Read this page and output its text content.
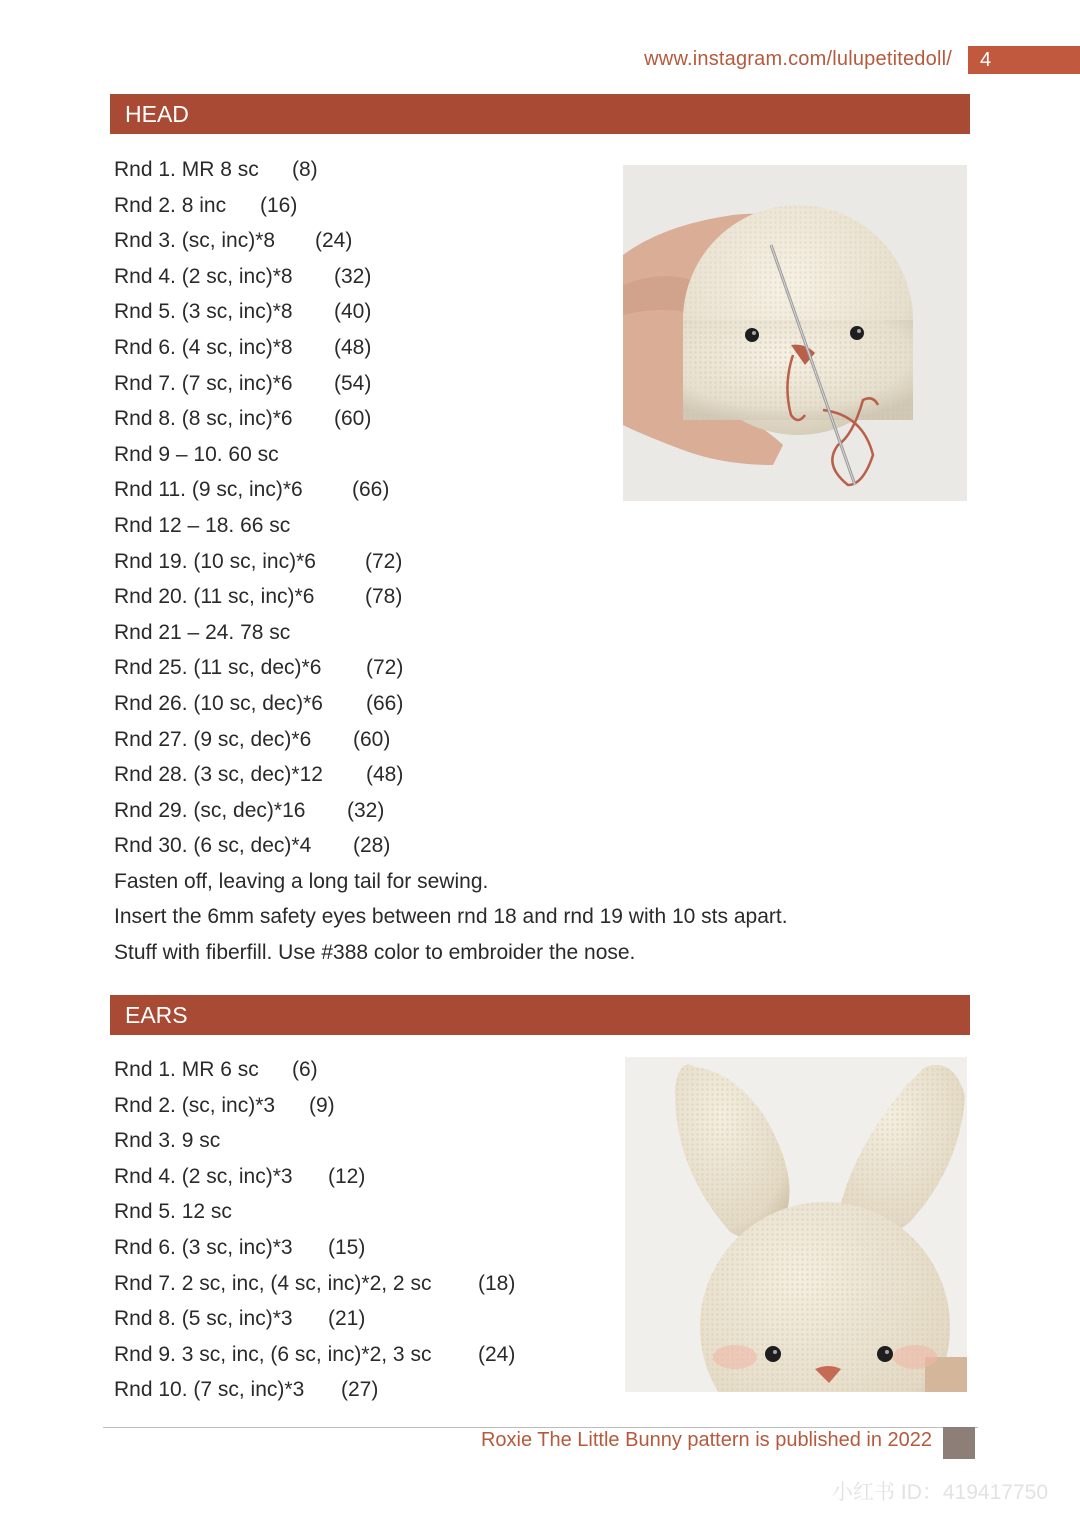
www.instagram.com/lulupetitedoll/	4
HEAD
Rnd 1. MR 8 sc (8)
Rnd 2. 8 inc (16)
Rnd 3. (sc, inc)*8 (24)
Rnd 4. (2 sc, inc)*8 (32)
Rnd 5. (3 sc, inc)*8 (40)
Rnd 6. (4 sc, inc)*8 (48)
Rnd 7. (7 sc, inc)*6 (54)
Rnd 8. (8 sc, inc)*6 (60)
Rnd 9 – 10. 60 sc
Rnd 11. (9 sc, inc)*6 (66)
Rnd 12 – 18. 66 sc
Rnd 19. (10 sc, inc)*6 (72)
Rnd 20. (11 sc, inc)*6 (78)
Rnd 21 – 24. 78 sc
Rnd 25. (11 sc, dec)*6 (72)
Rnd 26. (10 sc, dec)*6 (66)
Rnd 27. (9 sc, dec)*6 (60)
Rnd 28. (3 sc, dec)*12 (48)
Rnd 29. (sc, dec)*16 (32)
Rnd 30. (6 sc, dec)*4 (28)
Fasten off, leaving a long tail for sewing.
Insert the 6mm safety eyes between rnd 18 and rnd 19 with 10 sts apart.
Stuff with fiberfill. Use #388 color to embroider the nose.
EARS
Rnd 1. MR 6 sc (6)
Rnd 2. (sc, inc)*3 (9)
Rnd 3. 9 sc
Rnd 4. (2 sc, inc)*3 (12)
Rnd 5. 12 sc
Rnd 6. (3 sc, inc)*3 (15)
Rnd 7. 2 sc, inc, (4 sc, inc)*2, 2 sc (18)
Rnd 8. (5 sc, inc)*3 (21)
Rnd 9. 3 sc, inc, (6 sc, inc)*2, 3 sc (24)
Rnd 10. (7 sc, inc)*3 (27)
Roxie The Little Bunny pattern is published in 2022
小红书 ID：419417750
